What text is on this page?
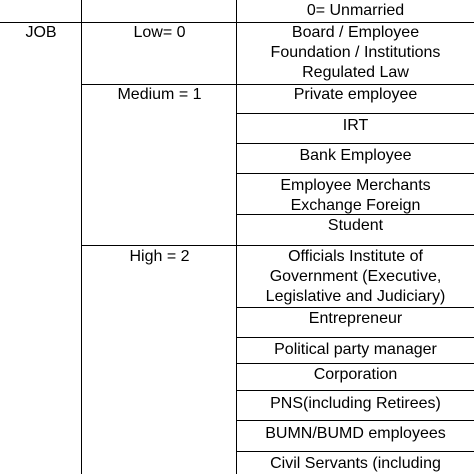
0= Unmarried
JOB	Low= 0
Medium = 1
High = 2
Board / Employee
Foundation / Institutions
Regulated Law
Private employee
IRT
Bank Employee
Employee Merchants
Exchange Foreign
Student
Officials Institute of
Government (Executive,
Legislative and Judiciary)
Entrepreneur
Political party manager
Corporation
PNS(including Retirees)
BUMN/BUMD employees
Civil Servants (including
